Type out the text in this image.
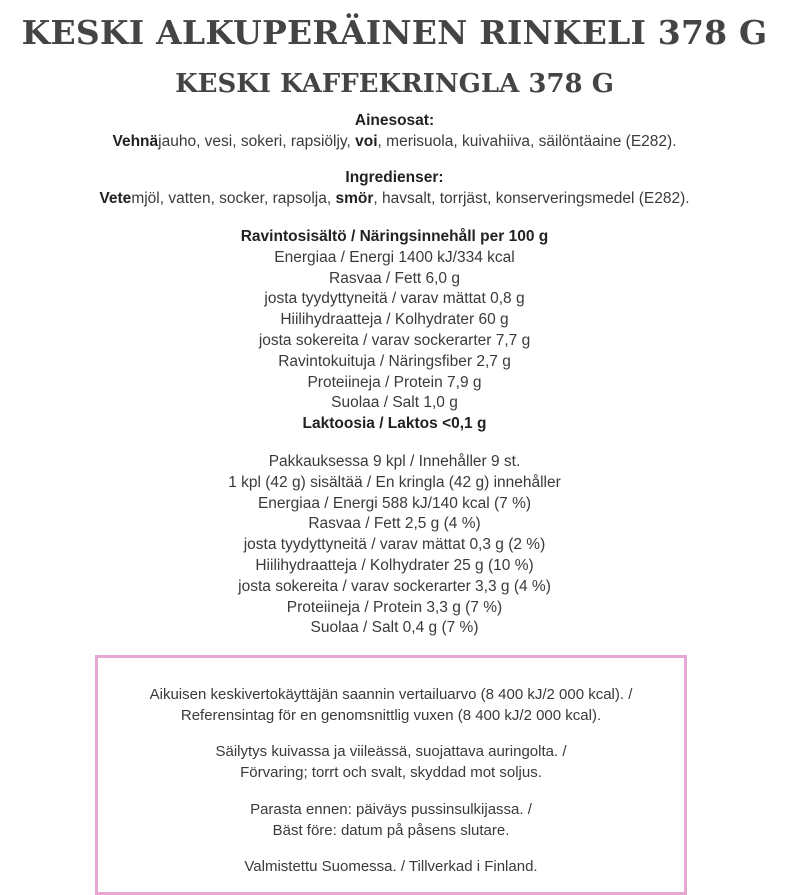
KESKI ALKUPERÄINEN RINKELI 378 G
KESKI KAFFEKRINGLA 378 G
Ainesosat:
Vehnäjauho, vesi, sokeri, rapsiöljy, voi, merisuola, kuivahiiva, säilöntäaine (E282).
Ingredienser:
Vetemjöl, vatten, socker, rapsolja, smör, havsalt, torrjäst, konserveringsmedel (E282).
Ravintosisältö / Näringsinnehåll per 100 g
Energiaa / Energi 1400 kJ/334 kcal
Rasvaa / Fett 6,0 g
josta tyydyttyneitä / varav mättat 0,8 g
Hiilihydraatteja / Kolhydrater 60 g
josta sokereita / varav sockerarter 7,7 g
Ravintokuituja / Näringsfiber 2,7 g
Proteiineja / Protein 7,9 g
Suolaa / Salt 1,0 g
Laktoosia / Laktos <0,1 g
Pakkauksessa 9 kpl / Innehåller 9 st.
1 kpl (42 g) sisältää / En kringla (42 g) innehåller
Energiaa / Energi 588 kJ/140 kcal (7 %)
Rasvaa / Fett 2,5 g (4 %)
josta tyydyttyneitä / varav mättat 0,3 g (2 %)
Hiilihydraatteja / Kolhydrater 25 g (10 %)
josta sokereita / varav sockerarter 3,3 g (4 %)
Proteiineja / Protein 3,3 g (7 %)
Suolaa / Salt 0,4 g (7 %)
Aikuisen keskivertokäyttäjän saannin vertailuarvo (8 400 kJ/2 000 kcal). /
Referensintag för en genomsnittlig vuxen (8 400 kJ/2 000 kcal).
Säilytys kuivassa ja viileässä, suojattava auringolta. /
Förvaring; torrt och svalt, skyddad mot soljus.
Parasta ennen: päiväys pussinsulkijassa. /
Bäst före: datum på påsens slutare.
Valmistettu Suomessa. / Tillverkad i Finland.
